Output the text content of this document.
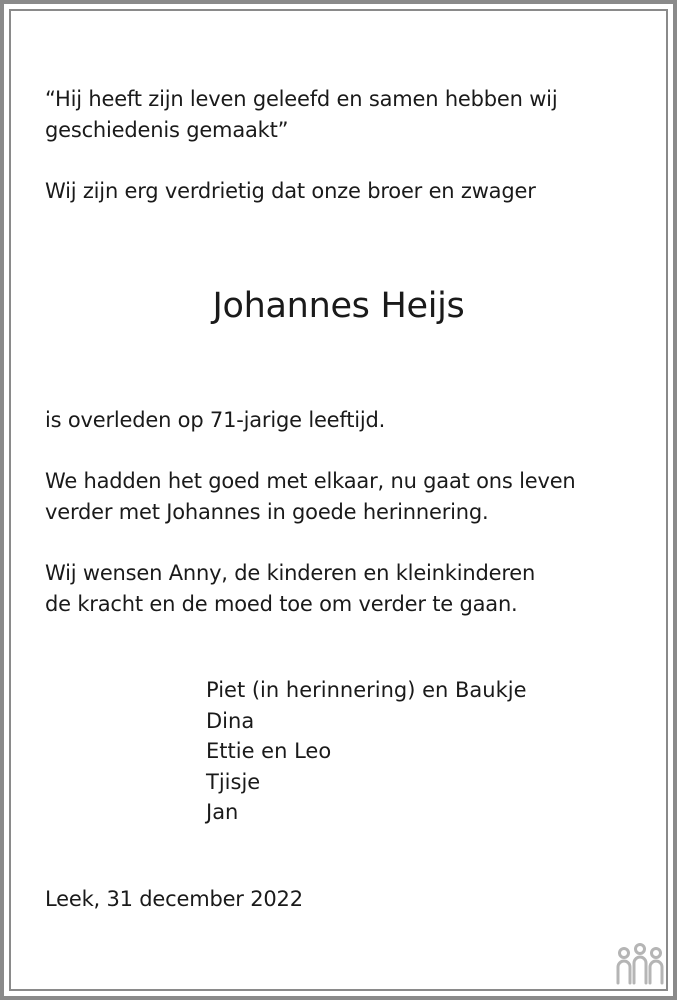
“Hij heeft zijn leven geleefd en samen hebben wij
geschiedenis gemaakt”
Wij zijn erg verdrietig dat onze broer en zwager
Johannes Heijs
is overleden op 71-jarige leeftijd.
We hadden het goed met elkaar, nu gaat ons leven
verder met Johannes in goede herinnering.
Wij wensen Anny, de kinderen en kleinkinderen
de kracht en de moed toe om verder te gaan.
Piet (in herinnering) en Baukje
Dina
Ettie en Leo
Tjisje
Jan
Leek, 31 december 2022
